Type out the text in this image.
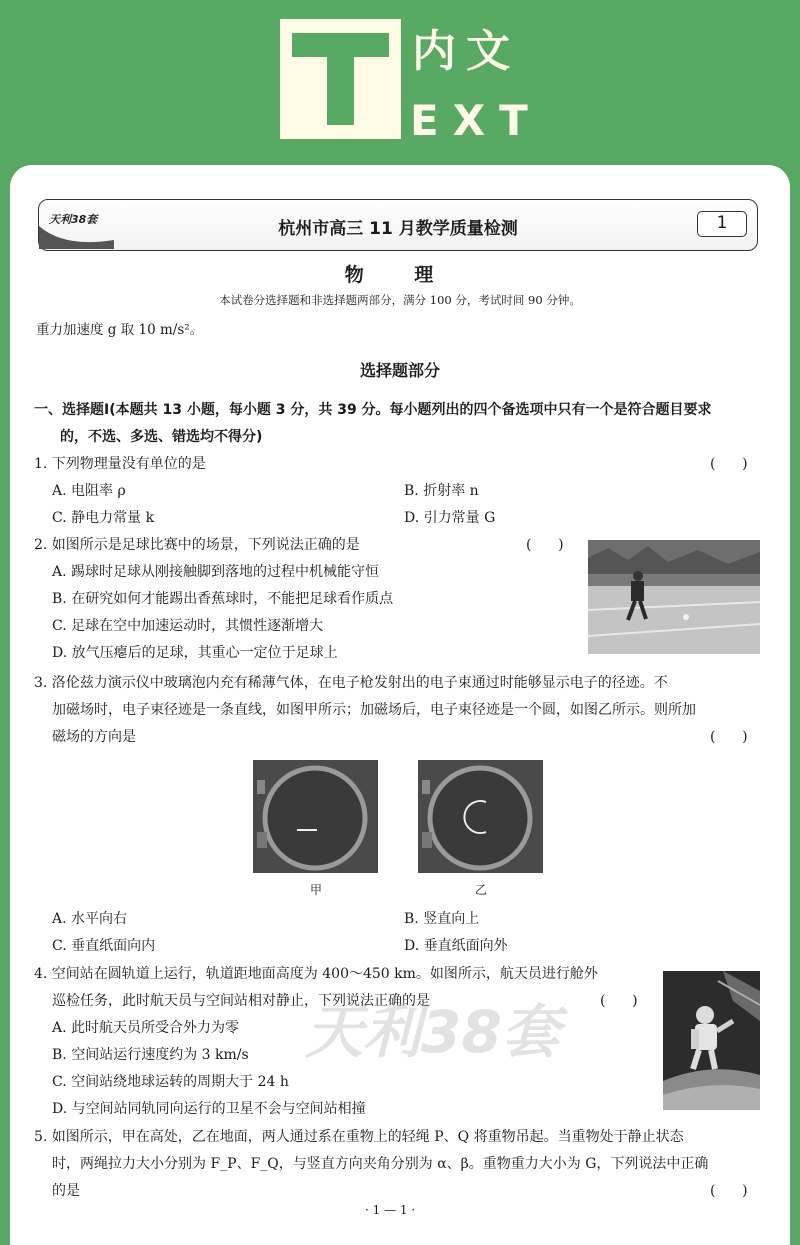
内文
EXT
天利38套	杭州市高三 11 月教学质量检测	1
物 理
本试卷分选择题和非选择题两部分，满分 100 分，考试时间 90 分钟。
重力加速度 g 取 10 m/s²。
选择题部分
一、选择题Ⅰ(本题共 13 小题，每小题 3 分，共 39 分。每小题列出的四个备选项中只有一个是符合题目要求
的，不选、多选、错选均不得分)
1. 下列物理量没有单位的是	(      )
A. 电阻率 ρ	B. 折射率 n
C. 静电力常量 k	D. 引力常量 G
2. 如图所示是足球比赛中的场景，下列说法正确的是	(      )
A. 踢球时足球从刚接触脚到落地的过程中机械能守恒
B. 在研究如何才能踢出香蕉球时，不能把足球看作质点
C. 足球在空中加速运动时，其惯性逐渐增大
D. 放气压瘪后的足球，其重心一定位于足球上
3. 洛伦兹力演示仪中玻璃泡内充有稀薄气体，在电子枪发射出的电子束通过时能够显示电子的径迹。不
加磁场时，电子束径迹是一条直线，如图甲所示；加磁场后，电子束径迹是一个圆，如图乙所示。则所加
磁场的方向是	(      )
甲	乙
A. 水平向右	B. 竖直向上
C. 垂直纸面向内	D. 垂直纸面向外
4. 空间站在圆轨道上运行，轨道距地面高度为 400～450 km。如图所示，航天员进行舱外
巡检任务，此时航天员与空间站相对静止，下列说法正确的是	(      )
A. 此时航天员所受合外力为零
B. 空间站运行速度约为 3 km/s
C. 空间站绕地球运转的周期大于 24 h
D. 与空间站同轨同向运行的卫星不会与空间站相撞
天利38套
5. 如图所示，甲在高处，乙在地面，两人通过系在重物上的轻绳 P、Q 将重物吊起。当重物处于静止状态
时，两绳拉力大小分别为 F_P、F_Q，与竖直方向夹角分别为 α、β。重物重力大小为 G，下列说法中正确
的是	(      )
· 1 — 1 ·
